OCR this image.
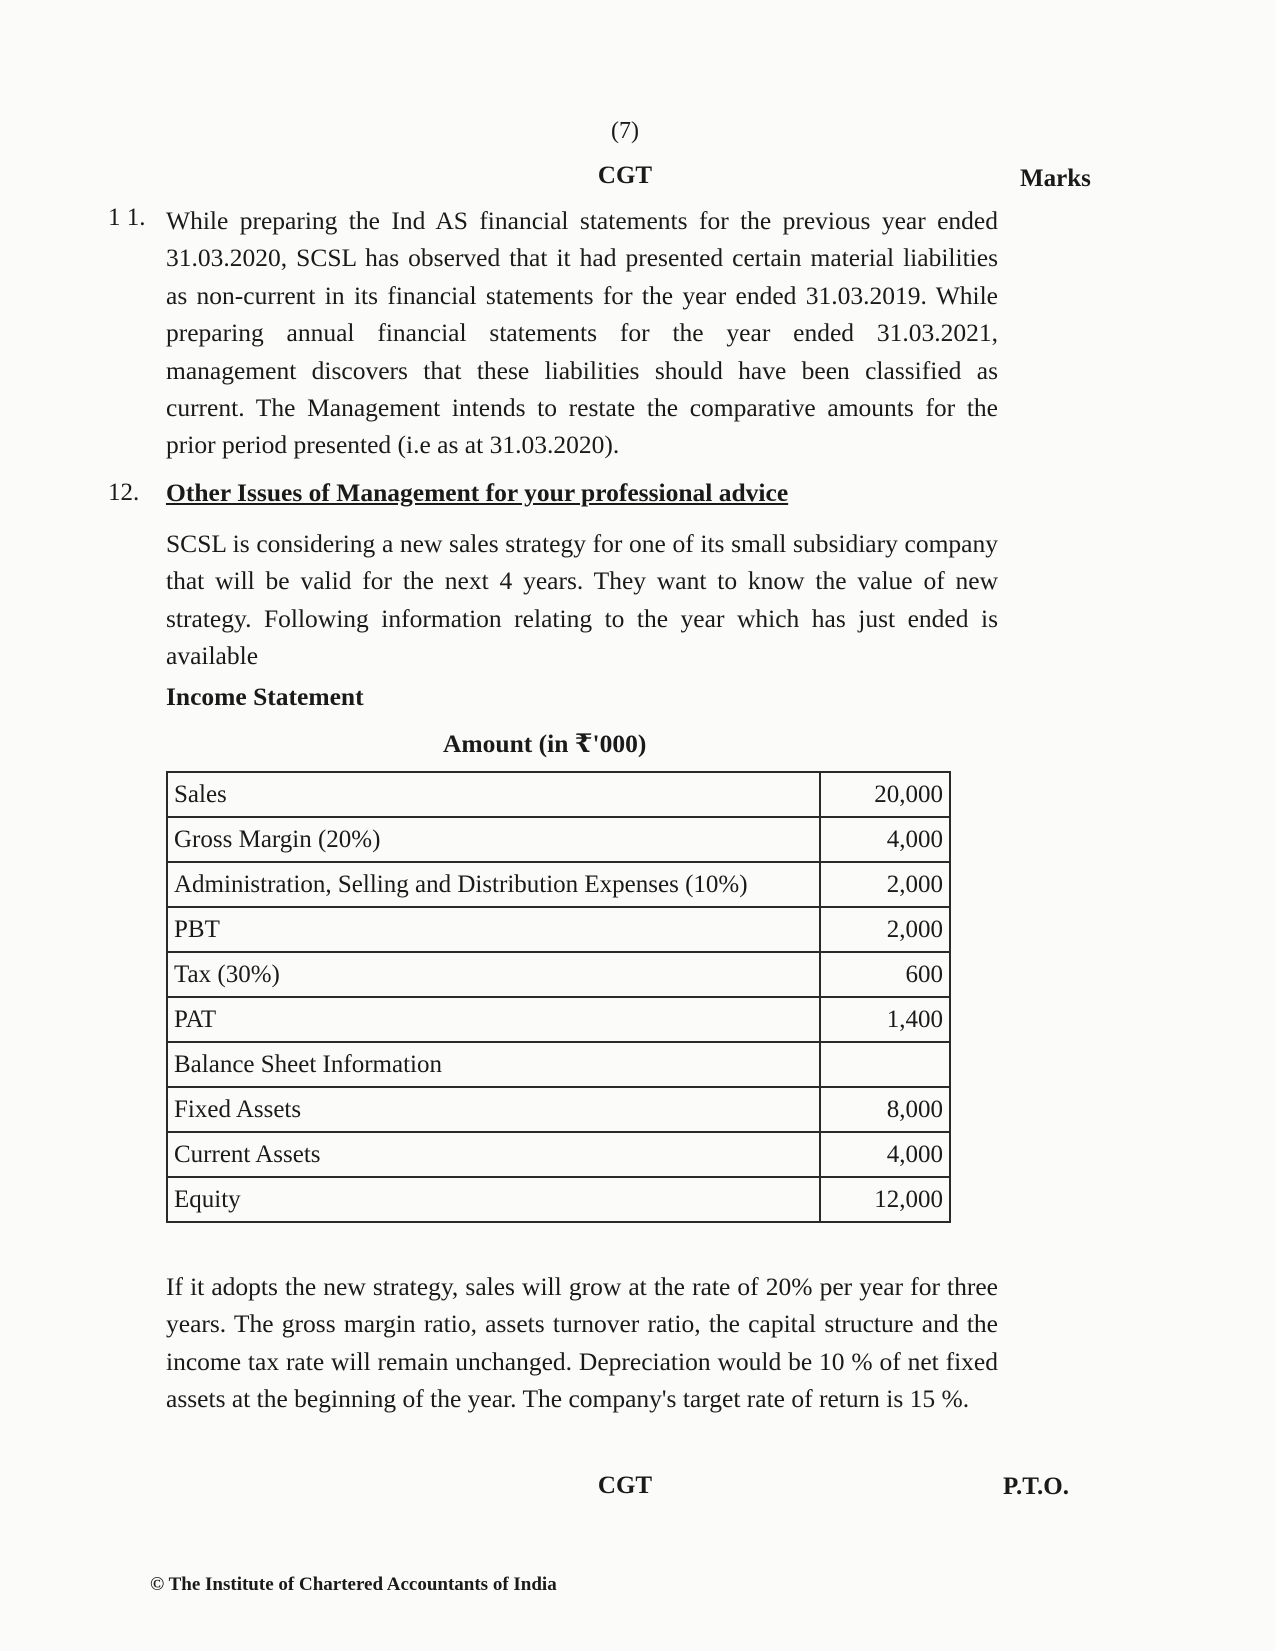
(7)
CGT	Marks
1 1. While preparing the Ind AS financial statements for the previous year ended 31.03.2020, SCSL has observed that it had presented certain material liabilities as non-current in its financial statements for the year ended 31.03.2019. While preparing annual financial statements for the year ended 31.03.2021, management discovers that these liabilities should have been classified as current. The Management intends to restate the comparative amounts for the prior period presented (i.e as at 31.03.2020).
12. Other Issues of Management for your professional advice
SCSL is considering a new sales strategy for one of its small subsidiary company that will be valid for the next 4 years. They want to know the value of new strategy. Following information relating to the year which has just ended is available
Income Statement
Amount (in ₹'000)
Sales	20,000
Gross Margin (20%)	4,000
Administration, Selling and Distribution Expenses (10%)	2,000
PBT	2,000
Tax (30%)	600
PAT	1,400
Balance Sheet Information	
Fixed Assets	8,000
Current Assets	4,000
Equity	12,000
If it adopts the new strategy, sales will grow at the rate of 20% per year for three years. The gross margin ratio, assets turnover ratio, the capital structure and the income tax rate will remain unchanged. Depreciation would be 10 % of net fixed assets at the beginning of the year. The company's target rate of return is 15 %.
CGT	P.T.O.
© The Institute of Chartered Accountants of India
